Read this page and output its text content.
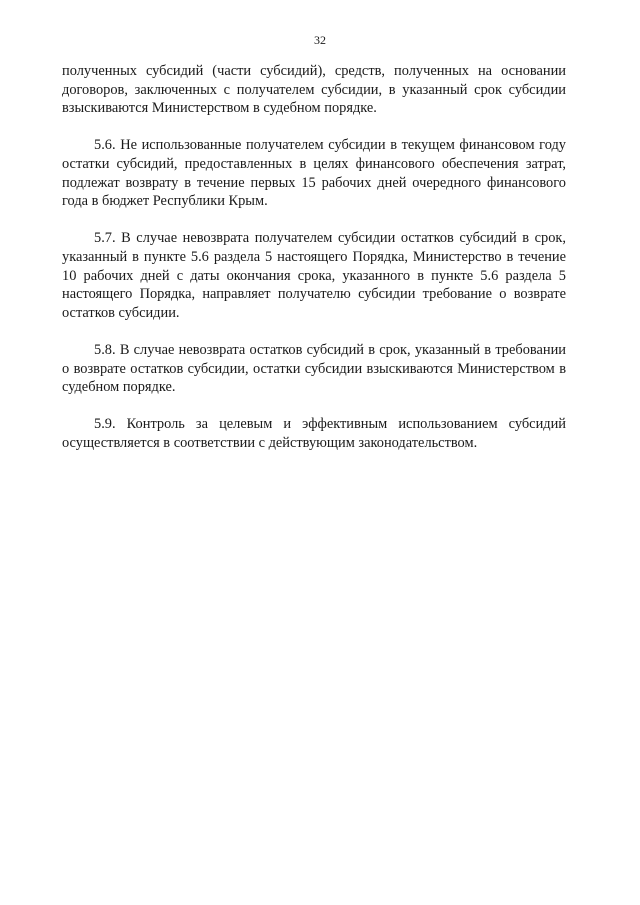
32

полученных субсидий (части субсидий), средств, полученных на основании договоров, заключенных с получателем субсидии, в указанный срок субсидии взыскиваются Министерством в судебном порядке.

5.6. Не использованные получателем субсидии в текущем финансовом году остатки субсидий, предоставленных в целях финансового обеспечения затрат, подлежат возврату в течение первых 15 рабочих дней очередного финансового года в бюджет Республики Крым.

5.7. В случае невозврата получателем субсидии остатков субсидий в срок, указанный в пункте 5.6 раздела 5 настоящего Порядка, Министерство в течение 10 рабочих дней с даты окончания срока, указанного в пункте 5.6 раздела 5 настоящего Порядка, направляет получателю субсидии требование о возврате остатков субсидии.

5.8. В случае невозврата остатков субсидий в срок, указанный в требовании о возврате остатков субсидии, остатки субсидии взыскиваются Министерством в судебном порядке.

5.9. Контроль за целевым и эффективным использованием субсидий осуществляется в соответствии с действующим законодательством.
